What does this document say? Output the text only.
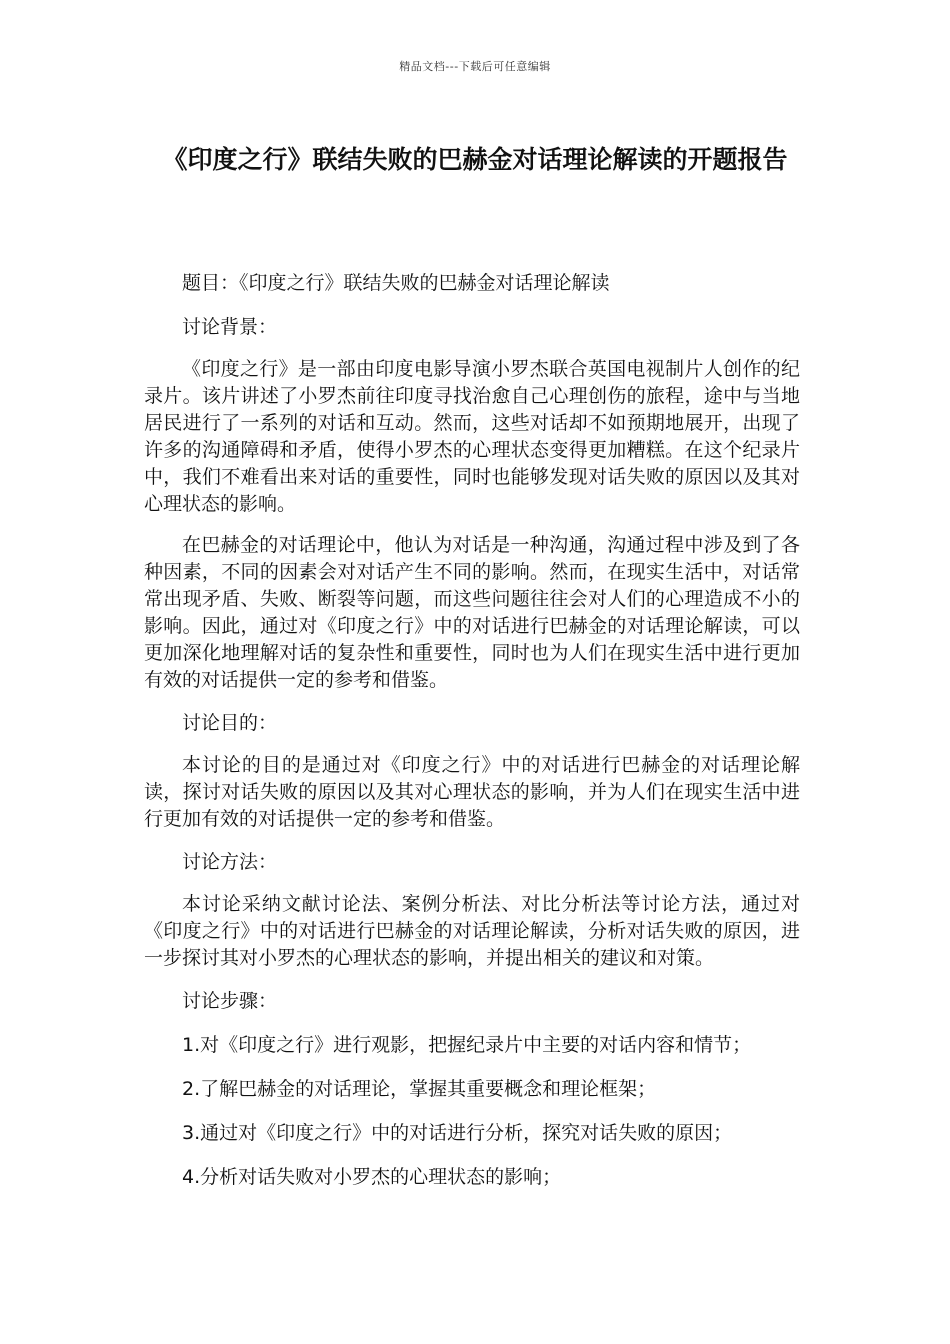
精品文档---下载后可任意编辑
《印度之行》联结失败的巴赫金对话理论解读的开题报告

题目：《印度之行》联结失败的巴赫金对话理论解读

讨论背景：

《印度之行》是一部由印度电影导演小罗杰联合英国电视制片人创作的纪录片。该片讲述了小罗杰前往印度寻找治愈自己心理创伤的旅程，途中与当地居民进行了一系列的对话和互动。然而，这些对话却不如预期地展开，出现了许多的沟通障碍和矛盾，使得小罗杰的心理状态变得更加糟糕。在这个纪录片中，我们不难看出来对话的重要性，同时也能够发现对话失败的原因以及其对心理状态的影响。

在巴赫金的对话理论中，他认为对话是一种沟通，沟通过程中涉及到了各种因素，不同的因素会对对话产生不同的影响。然而，在现实生活中，对话常常出现矛盾、失败、断裂等问题，而这些问题往往会对人们的心理造成不小的影响。因此，通过对《印度之行》中的对话进行巴赫金的对话理论解读，可以更加深化地理解对话的复杂性和重要性，同时也为人们在现实生活中进行更加有效的对话提供一定的参考和借鉴。

讨论目的：

本讨论的目的是通过对《印度之行》中的对话进行巴赫金的对话理论解读，探讨对话失败的原因以及其对心理状态的影响，并为人们在现实生活中进行更加有效的对话提供一定的参考和借鉴。

讨论方法：

本讨论采纳文献讨论法、案例分析法、对比分析法等讨论方法，通过对《印度之行》中的对话进行巴赫金的对话理论解读，分析对话失败的原因，进一步探讨其对小罗杰的心理状态的影响，并提出相关的建议和对策。

讨论步骤：

1.对《印度之行》进行观影，把握纪录片中主要的对话内容和情节；

2.了解巴赫金的对话理论，掌握其重要概念和理论框架；

3.通过对《印度之行》中的对话进行分析，探究对话失败的原因；

4.分析对话失败对小罗杰的心理状态的影响；
